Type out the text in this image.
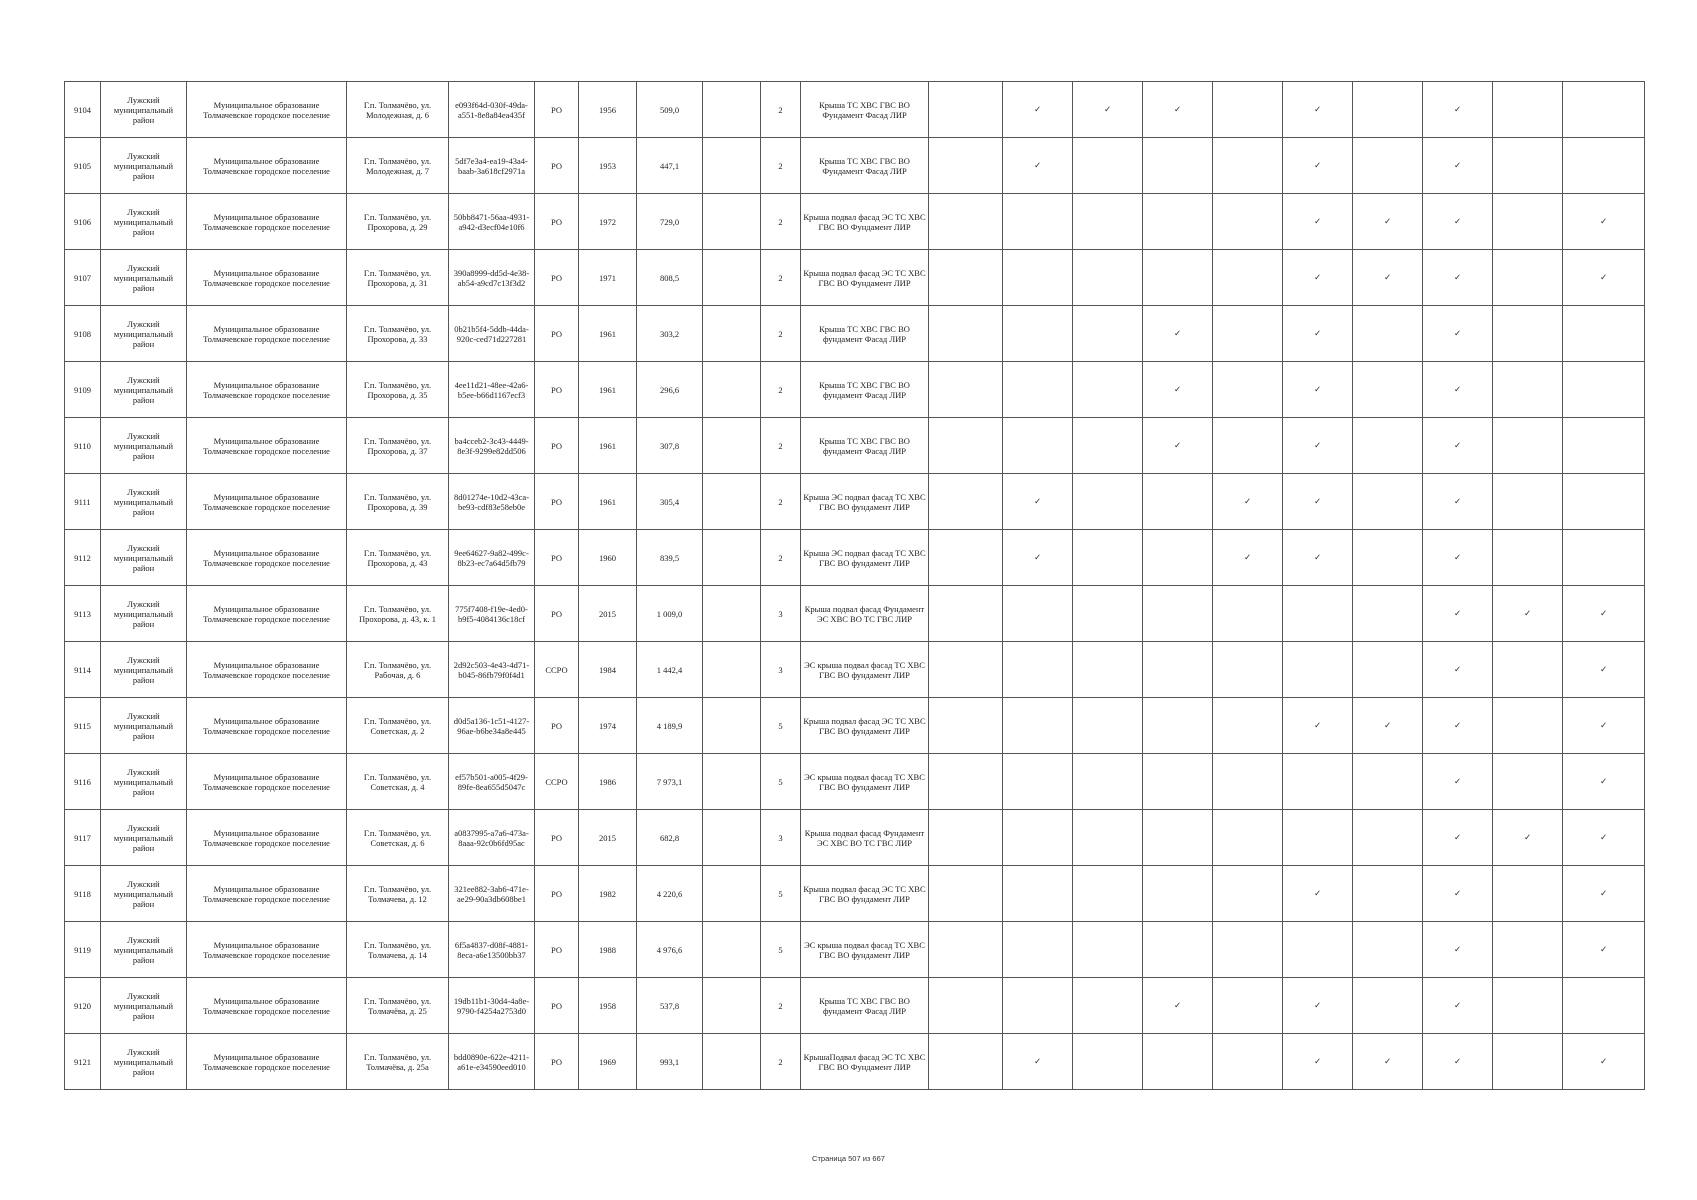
9104	Лужский муниципальный район	Муниципальное образование Толмачевское городское поселение	Г.п. Толмачёво, ул. Молодежная, д. 6	e093f64d-030f-49da-a551-8e8a84ea435f	РО	1956	509,0		2	Крыша ТС ХВС ГВС ВО Фундамент Фасад ЛИР		✓	✓	✓		✓		✓		
9105	Лужский муниципальный район	Муниципальное образование Толмачевское городское поселение	Г.п. Толмачёво, ул. Молодежная, д. 7	5df7e3a4-ea19-43a4-baab-3a618cf2971a	РО	1953	447,1		2	Крыша ТС ХВС ГВС ВО Фундамент Фасад ЛИР		✓				✓		✓		
9106	Лужский муниципальный район	Муниципальное образование Толмачевское городское поселение	Г.п. Толмачёво, ул. Прохорова, д. 29	50bb8471-56aa-4931-a942-d3ecf04e10f6	РО	1972	729,0		2	Крыша подвал фасад ЭС ТС ХВС ГВС ВО Фундамент ЛИР						✓	✓	✓		✓
9107	Лужский муниципальный район	Муниципальное образование Толмачевское городское поселение	Г.п. Толмачёво, ул. Прохорова, д. 31	390a8999-dd5d-4e38-ab54-a9cd7c13f3d2	РО	1971	808,5		2	Крыша подвал фасад ЭС ТС ХВС ГВС ВО Фундамент ЛИР						✓	✓	✓		✓
9108	Лужский муниципальный район	Муниципальное образование Толмачевское городское поселение	Г.п. Толмачёво, ул. Прохорова, д. 33	0b21b5f4-5ddb-44da-920c-ced71d227281	РО	1961	303,2		2	Крыша ТС ХВС ГВС ВО фундамент Фасад ЛИР				✓		✓		✓		
9109	Лужский муниципальный район	Муниципальное образование Толмачевское городское поселение	Г.п. Толмачёво, ул. Прохорова, д. 35	4ee11d21-48ee-42a6-b5ee-b66d1167ecf3	РО	1961	296,6		2	Крыша ТС ХВС ГВС ВО фундамент Фасад ЛИР				✓		✓		✓		
9110	Лужский муниципальный район	Муниципальное образование Толмачевское городское поселение	Г.п. Толмачёво, ул. Прохорова, д. 37	ba4cceb2-3c43-4449-8e3f-9299e82dd506	РО	1961	307,8		2	Крыша ТС ХВС ГВС ВО фундамент Фасад ЛИР				✓		✓		✓		
9111	Лужский муниципальный район	Муниципальное образование Толмачевское городское поселение	Г.п. Толмачёво, ул. Прохорова, д. 39	8d01274e-10d2-43ca-be93-cdf83e58eb0e	РО	1961	305,4		2	Крыша ЭС подвал фасад ТС ХВС ГВС ВО фундамент ЛИР		✓			✓	✓		✓		
9112	Лужский муниципальный район	Муниципальное образование Толмачевское городское поселение	Г.п. Толмачёво, ул. Прохорова, д. 43	9ee64627-9a82-499c-8b23-ec7a64d5fb79	РО	1960	839,5		2	Крыша ЭС подвал фасад ТС ХВС ГВС ВО фундамент ЛИР		✓			✓	✓		✓		
9113	Лужский муниципальный район	Муниципальное образование Толмачевское городское поселение	Г.п. Толмачёво, ул. Прохорова, д. 43, к. 1	775f7408-f19e-4ed0-b9f5-4084136c18cf	РО	2015	1 009,0		3	Крыша подвал фасад Фундамент ЭС ХВС ВО ТС ГВС ЛИР								✓	✓	✓
9114	Лужский муниципальный район	Муниципальное образование Толмачевское городское поселение	Г.п. Толмачёво, ул. Рабочая, д. 6	2d92c503-4e43-4d71-b045-86fb79f0f4d1	ССРО	1984	1 442,4		3	ЭС крыша подвал фасад ТС ХВС ГВС ВО фундамент ЛИР								✓		✓
9115	Лужский муниципальный район	Муниципальное образование Толмачевское городское поселение	Г.п. Толмачёво, ул. Советская, д. 2	d0d5a136-1c51-4127-96ae-b6be34a8e445	РО	1974	4 189,9		5	Крыша подвал фасад ЭС ТС ХВС ГВС ВО фундамент ЛИР						✓	✓	✓		✓
9116	Лужский муниципальный район	Муниципальное образование Толмачевское городское поселение	Г.п. Толмачёво, ул. Советская, д. 4	ef57b501-a005-4f29-89fe-8ea655d5047c	ССРО	1986	7 973,1		5	ЭС крыша подвал фасад ТС ХВС ГВС ВО фундамент ЛИР								✓		✓
9117	Лужский муниципальный район	Муниципальное образование Толмачевское городское поселение	Г.п. Толмачёво, ул. Советская, д. 6	a0837995-a7a6-473a-8aaa-92c0b6fd95ac	РО	2015	682,8		3	Крыша подвал фасад Фундамент ЭС ХВС ВО ТС ГВС ЛИР								✓	✓	✓
9118	Лужский муниципальный район	Муниципальное образование Толмачевское городское поселение	Г.п. Толмачёво, ул. Толмачева, д. 12	321ee882-3ab6-471e-ae29-90a3db608be1	РО	1982	4 220,6		5	Крыша подвал фасад ЭС ТС ХВС ГВС ВО фундамент ЛИР						✓		✓		✓
9119	Лужский муниципальный район	Муниципальное образование Толмачевское городское поселение	Г.п. Толмачёво, ул. Толмачева, д. 14	6f5a4837-d08f-4881-8eca-a6e13500bb37	РО	1988	4 976,6		5	ЭС крыша подвал фасад ТС ХВС ГВС ВО фундамент ЛИР								✓		✓
9120	Лужский муниципальный район	Муниципальное образование Толмачевское городское поселение	Г.п. Толмачёво, ул. Толмачёва, д. 25	19db11b1-30d4-4a8e-9790-f4254a2753d0	РО	1958	537,8		2	Крыша ТС ХВС ГВС ВО фундамент Фасад ЛИР				✓		✓		✓		
9121	Лужский муниципальный район	Муниципальное образование Толмачевское городское поселение	Г.п. Толмачёво, ул. Толмачёва, д. 25а	bdd0890e-622e-4211-a61e-e34590eed010	РО	1969	993,1		2	КрышаПодвал фасад ЭС ТС ХВС ГВС ВО Фундамент ЛИР		✓				✓	✓	✓		✓
Страница 507 из 667
